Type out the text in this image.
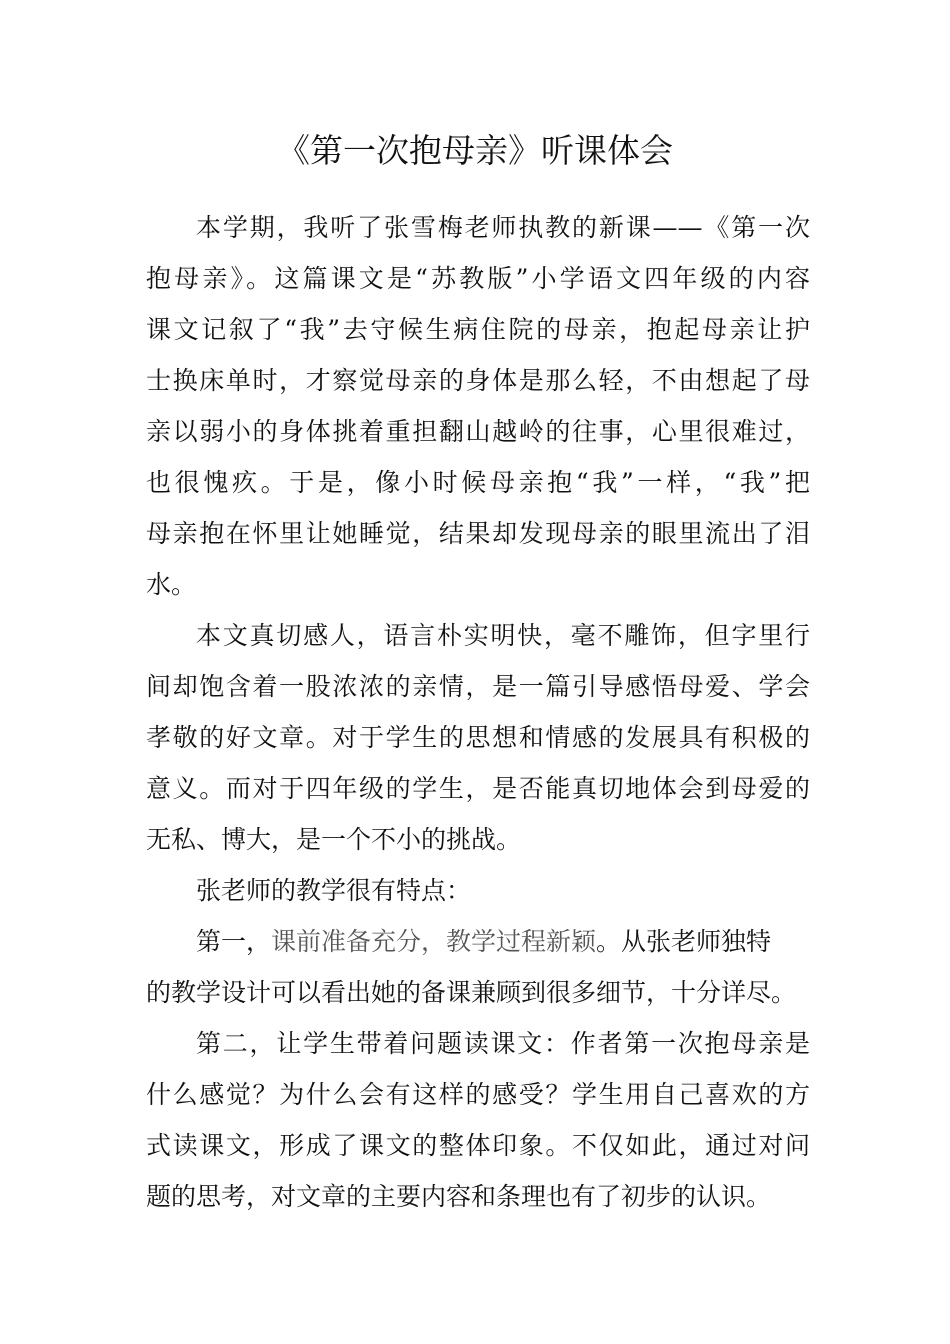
《第一次抱母亲》听课体会
本学期，我听了张雪梅老师执教的新课——《第一次
抱母亲》。这篇课文是“苏教版”小学语文四年级的内容
课文记叙了“我”去守候生病住院的母亲，抱起母亲让护
士换床单时，才察觉母亲的身体是那么轻，不由想起了母
亲以弱小的身体挑着重担翻山越岭的往事，心里很难过，
也很愧疚。于是，像小时候母亲抱“我”一样，“我”把
母亲抱在怀里让她睡觉，结果却发现母亲的眼里流出了泪
水。
本文真切感人，语言朴实明快，毫不雕饰，但字里行
间却饱含着一股浓浓的亲情，是一篇引导感悟母爱、学会
孝敬的好文章。对于学生的思想和情感的发展具有积极的
意义。而对于四年级的学生，是否能真切地体会到母爱的
无私、博大，是一个不小的挑战。
张老师的教学很有特点：
第一，课前准备充分，教学过程新颖。从张老师独特
的教学设计可以看出她的备课兼顾到很多细节，十分详尽。
第二，让学生带着问题读课文：作者第一次抱母亲是
什么感觉？为什么会有这样的感受？学生用自己喜欢的方
式读课文，形成了课文的整体印象。不仅如此，通过对问
题的思考，对文章的主要内容和条理也有了初步的认识。
